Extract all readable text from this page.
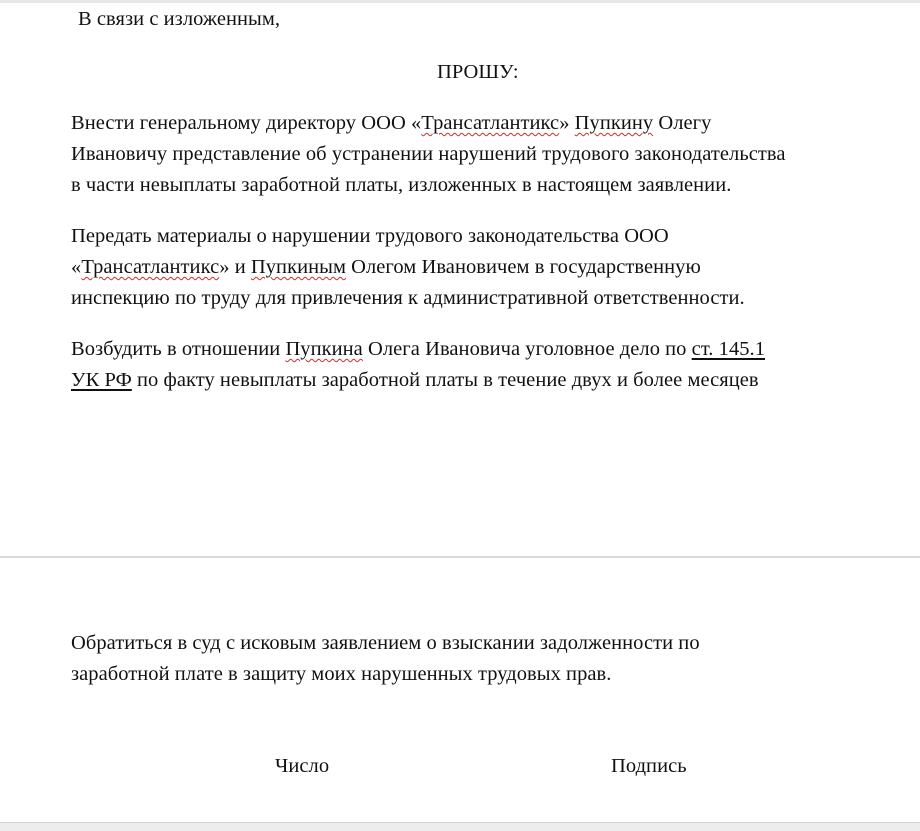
В связи с изложенным,
ПРОШУ:
Внести генеральному директору ООО «Трансатлантикс» Пупкину Олегу
Ивановичу представление об устранении нарушений трудового законодательства
в части невыплаты заработной платы, изложенных в настоящем заявлении.
Передать материалы о нарушении трудового законодательства ООО
«Трансатлантикс» и Пупкиным Олегом Ивановичем в государственную
инспекцию по труду для привлечения к административной ответственности.
Возбудить в отношении Пупкина Олега Ивановича уголовное дело по ст. 145.1
УК РФ по факту невыплаты заработной платы в течение двух и более месяцев
Обратиться в суд с исковым заявлением о взыскании задолженности по
заработной плате в защиту моих нарушенных трудовых прав.
Число	Подпись
